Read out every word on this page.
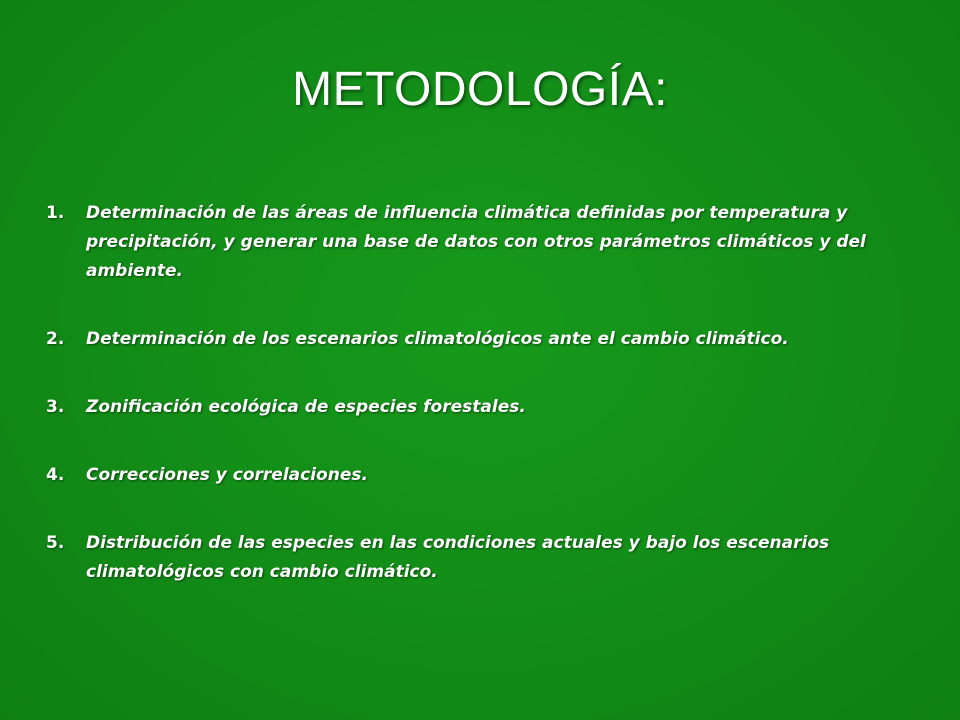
METODOLOGÍA:
1. Determinación de las áreas de influencia climática definidas por temperatura y precipitación, y generar una base de datos con otros parámetros climáticos y del ambiente.
2. Determinación de los escenarios climatológicos ante el cambio climático.
3. Zonificación ecológica de especies forestales.
4. Correcciones y correlaciones.
5. Distribución de las especies en las condiciones actuales y bajo los escenarios climatológicos con cambio climático.
